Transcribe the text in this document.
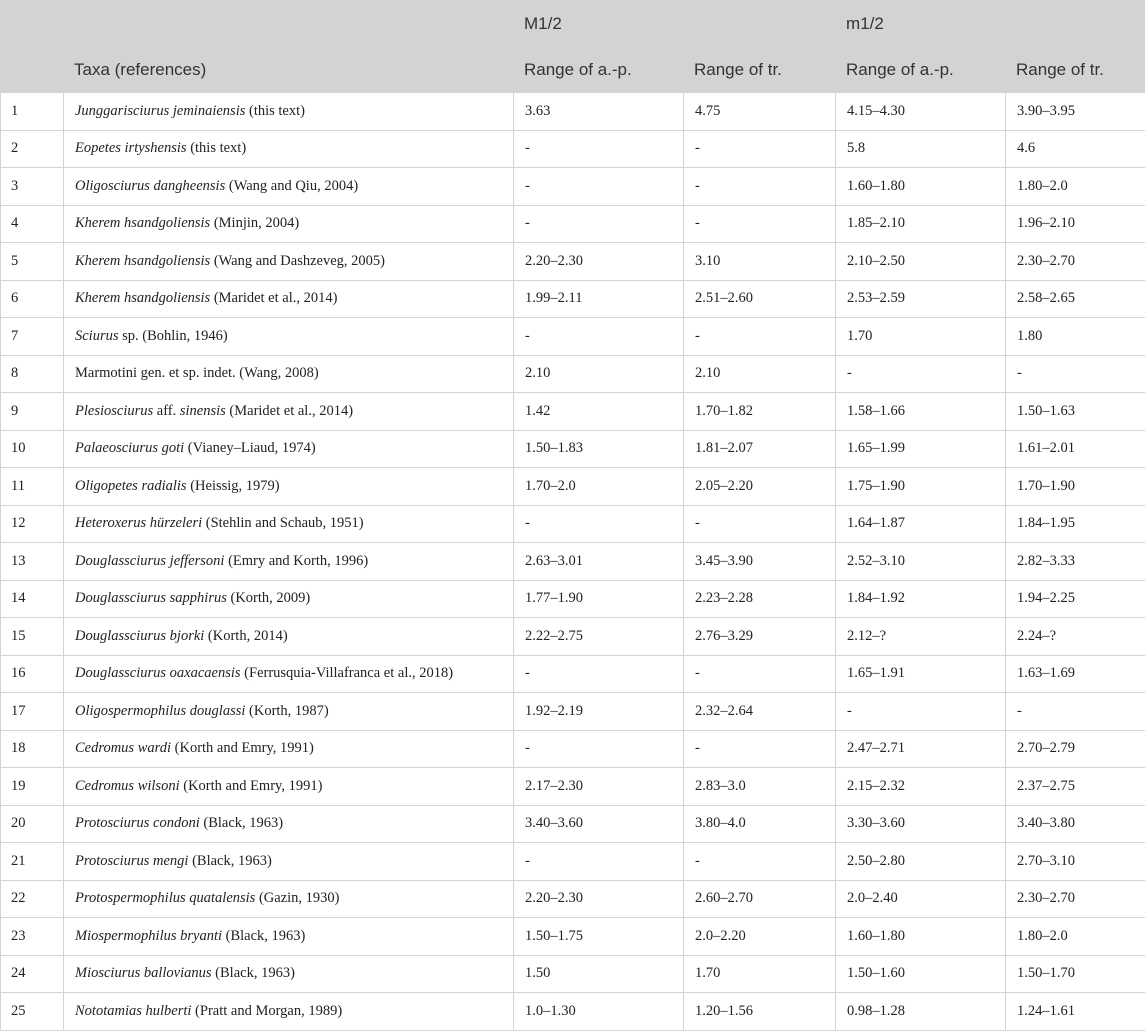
		M1/2		m1/2	
	Taxa (references)	Range of a.-p.	Range of tr.	Range of a.-p.	Range of tr.
1	Junggarisciurus jeminaiensis (this text)	3.63	4.75	4.15–4.30	3.90–3.95
2	Eopetes irtyshensis (this text)	-	-	5.8	4.6
3	Oligosciurus dangheensis (Wang and Qiu, 2004)	-	-	1.60–1.80	1.80–2.0
4	Kherem hsandgoliensis (Minjin, 2004)	-	-	1.85–2.10	1.96–2.10
5	Kherem hsandgoliensis (Wang and Dashzeveg, 2005)	2.20–2.30	3.10	2.10–2.50	2.30–2.70
6	Kherem hsandgoliensis (Maridet et al., 2014)	1.99–2.11	2.51–2.60	2.53–2.59	2.58–2.65
7	Sciurus sp. (Bohlin, 1946)	-	-	1.70	1.80
8	Marmotini gen. et sp. indet. (Wang, 2008)	2.10	2.10	-	-
9	Plesiosciurus aff. sinensis (Maridet et al., 2014)	1.42	1.70–1.82	1.58–1.66	1.50–1.63
10	Palaeosciurus goti (Vianey–Liaud, 1974)	1.50–1.83	1.81–2.07	1.65–1.99	1.61–2.01
11	Oligopetes radialis (Heissig, 1979)	1.70–2.0	2.05–2.20	1.75–1.90	1.70–1.90
12	Heteroxerus hürzeleri (Stehlin and Schaub, 1951)	-	-	1.64–1.87	1.84–1.95
13	Douglassciurus jeffersoni (Emry and Korth, 1996)	2.63–3.01	3.45–3.90	2.52–3.10	2.82–3.33
14	Douglassciurus sapphirus (Korth, 2009)	1.77–1.90	2.23–2.28	1.84–1.92	1.94–2.25
15	Douglassciurus bjorki (Korth, 2014)	2.22–2.75	2.76–3.29	2.12–?	2.24–?
16	Douglassciurus oaxacaensis (Ferrusquia-Villafranca et al., 2018)	-	-	1.65–1.91	1.63–1.69
17	Oligospermophilus douglassi (Korth, 1987)	1.92–2.19	2.32–2.64	-	-
18	Cedromus wardi (Korth and Emry, 1991)	-	-	2.47–2.71	2.70–2.79
19	Cedromus wilsoni (Korth and Emry, 1991)	2.17–2.30	2.83–3.0	2.15–2.32	2.37–2.75
20	Protosciurus condoni (Black, 1963)	3.40–3.60	3.80–4.0	3.30–3.60	3.40–3.80
21	Protosciurus mengi (Black, 1963)	-	-	2.50–2.80	2.70–3.10
22	Protospermophilus quatalensis (Gazin, 1930)	2.20–2.30	2.60–2.70	2.0–2.40	2.30–2.70
23	Miospermophilus bryanti (Black, 1963)	1.50–1.75	2.0–2.20	1.60–1.80	1.80–2.0
24	Miosciurus ballovianus (Black, 1963)	1.50	1.70	1.50–1.60	1.50–1.70
25	Nototamias hulberti (Pratt and Morgan, 1989)	1.0–1.30	1.20–1.56	0.98–1.28	1.24–1.61
